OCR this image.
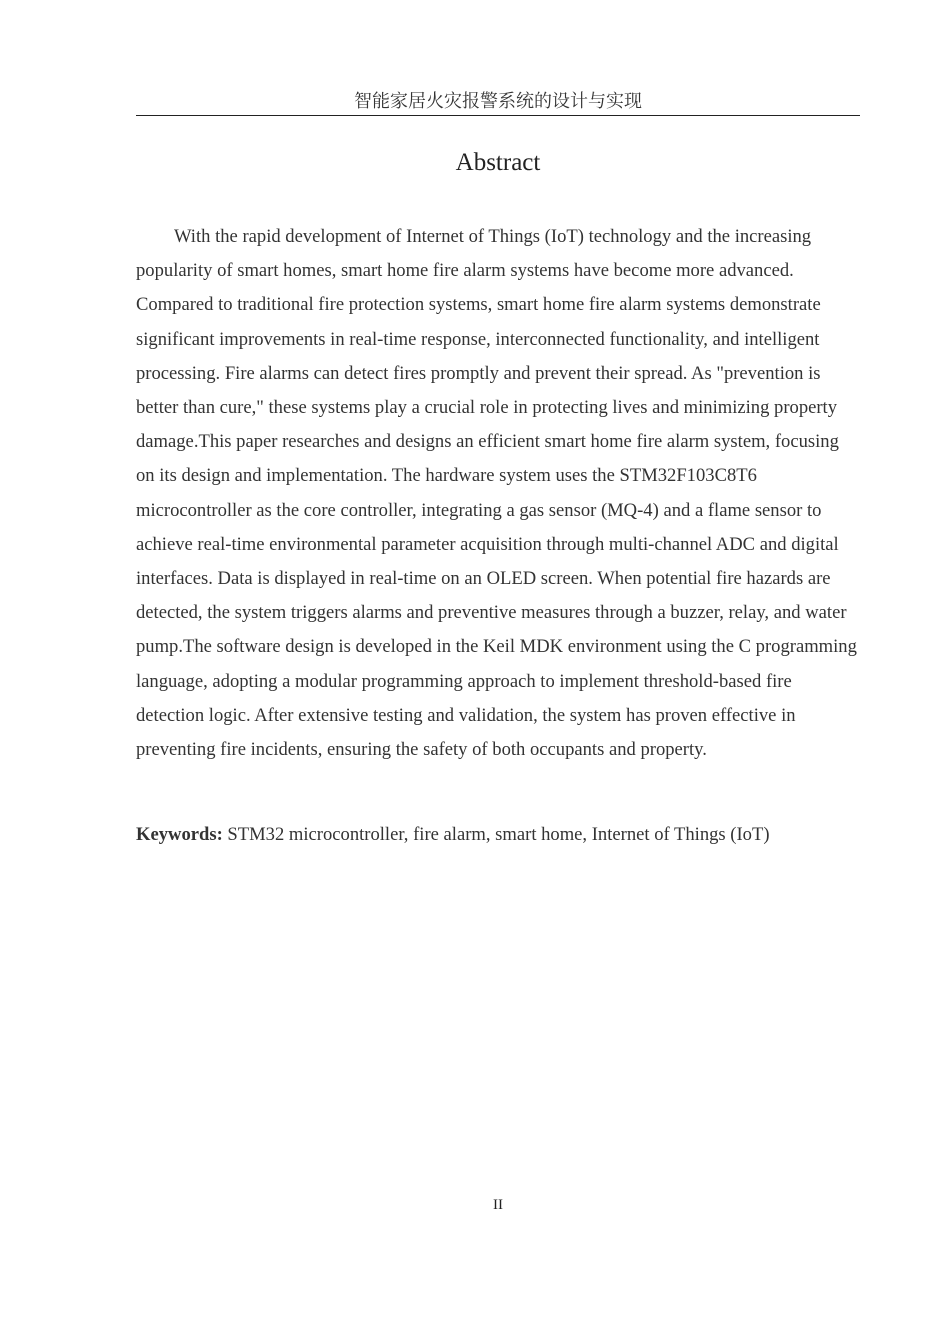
智能家居火灾报警系统的设计与实现
Abstract

With the rapid development of Internet of Things (IoT) technology and the increasing popularity of smart homes, smart home fire alarm systems have become more advanced. Compared to traditional fire protection systems, smart home fire alarm systems demonstrate significant improvements in real-time response, interconnected functionality, and intelligent processing. Fire alarms can detect fires promptly and prevent their spread. As "prevention is better than cure," these systems play a crucial role in protecting lives and minimizing property damage.This paper researches and designs an efficient smart home fire alarm system, focusing on its design and implementation. The hardware system uses the STM32F103C8T6 microcontroller as the core controller, integrating a gas sensor (MQ-4) and a flame sensor to achieve real-time environmental parameter acquisition through multi-channel ADC and digital interfaces. Data is displayed in real-time on an OLED screen. When potential fire hazards are detected, the system triggers alarms and preventive measures through a buzzer, relay, and water pump.The software design is developed in the Keil MDK environment using the C programming language, adopting a modular programming approach to implement threshold-based fire detection logic. After extensive testing and validation, the system has proven effective in preventing fire incidents, ensuring the safety of both occupants and property.

Keywords: STM32 microcontroller, fire alarm, smart home, Internet of Things (IoT)

II
